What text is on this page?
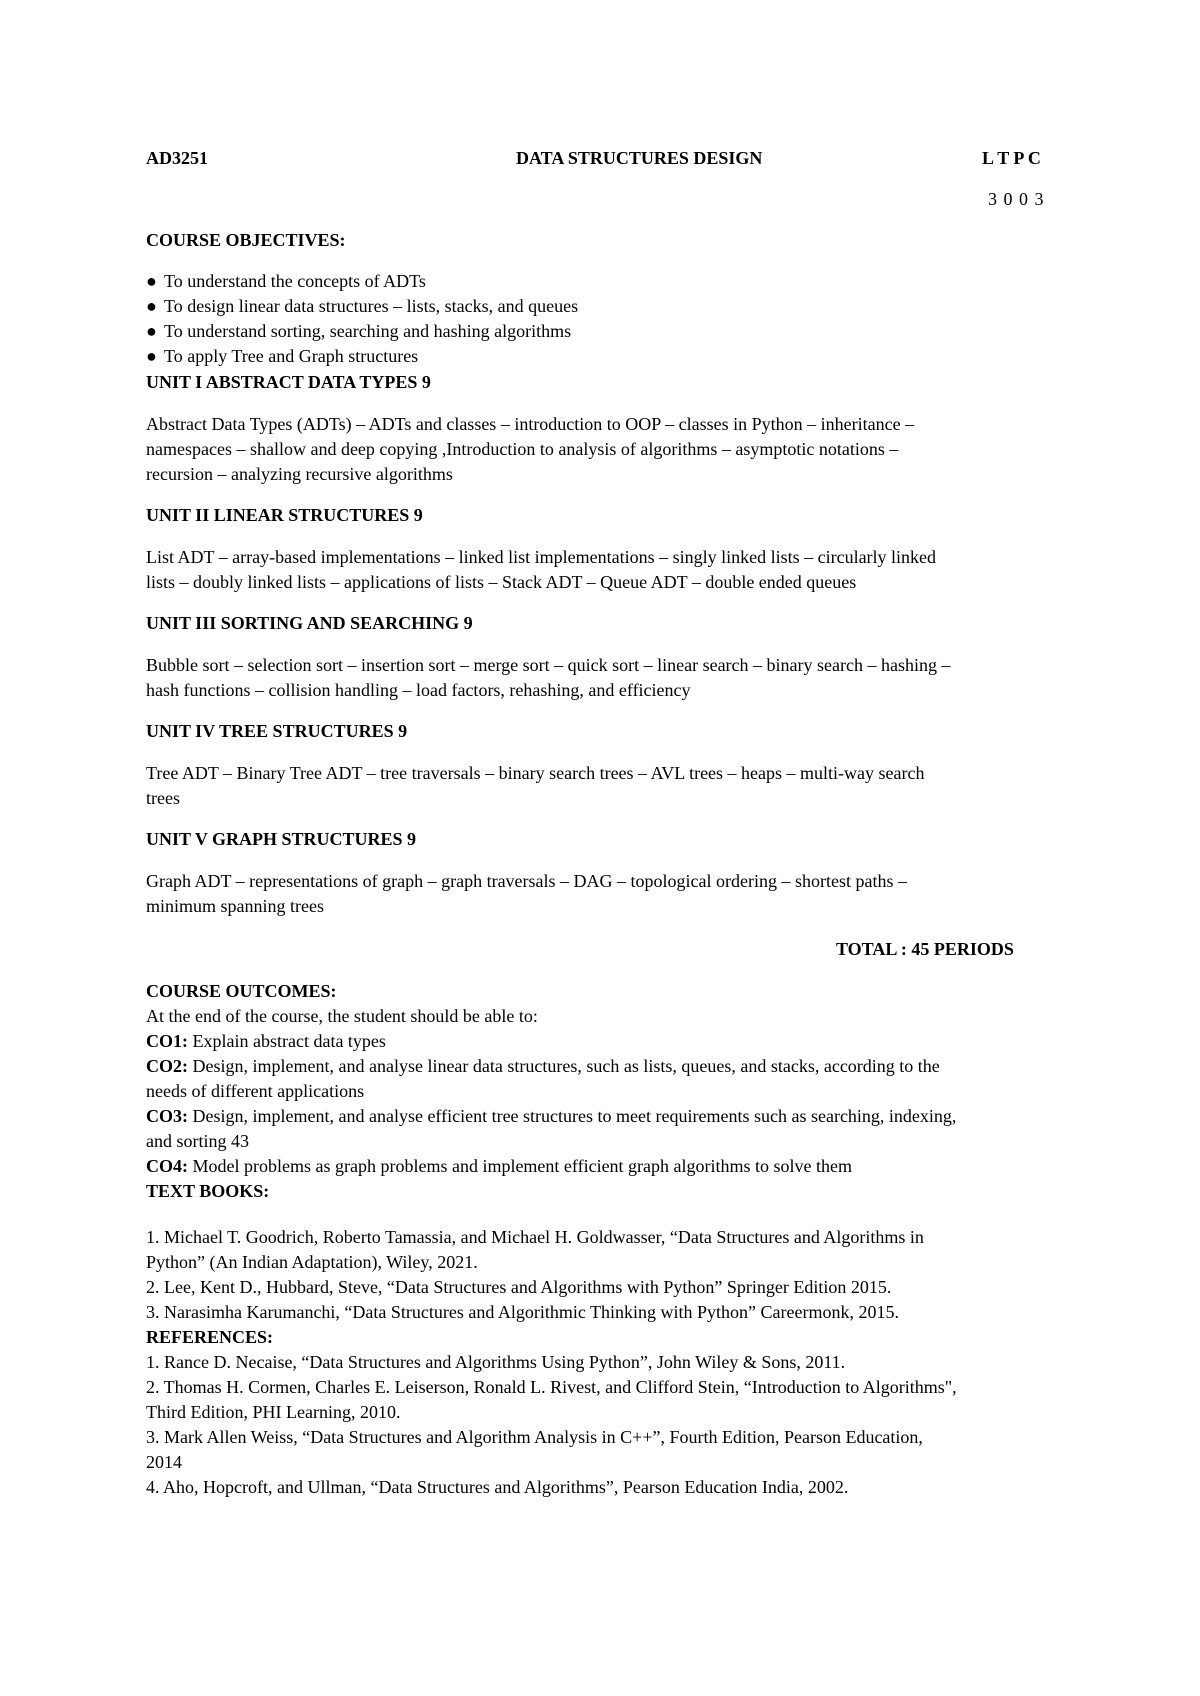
AD3251	DATA STRUCTURES DESIGN	L T P C
3 0 0 3
COURSE OBJECTIVES:
● To understand the concepts of ADTs
● To design linear data structures – lists, stacks, and queues
● To understand sorting, searching and hashing algorithms
● To apply Tree and Graph structures
UNIT I ABSTRACT DATA TYPES 9
Abstract Data Types (ADTs) – ADTs and classes – introduction to OOP – classes in Python – inheritance –
namespaces – shallow and deep copying ,Introduction to analysis of algorithms – asymptotic notations –
recursion – analyzing recursive algorithms
UNIT II LINEAR STRUCTURES 9
List ADT – array-based implementations – linked list implementations – singly linked lists – circularly linked
lists – doubly linked lists – applications of lists – Stack ADT – Queue ADT – double ended queues
UNIT III SORTING AND SEARCHING 9
Bubble sort – selection sort – insertion sort – merge sort – quick sort – linear search – binary search – hashing –
hash functions – collision handling – load factors, rehashing, and efficiency
UNIT IV TREE STRUCTURES 9
Tree ADT – Binary Tree ADT – tree traversals – binary search trees – AVL trees – heaps – multi-way search
trees
UNIT V GRAPH STRUCTURES 9
Graph ADT – representations of graph – graph traversals – DAG – topological ordering – shortest paths –
minimum spanning trees
TOTAL : 45 PERIODS
COURSE OUTCOMES:
At the end of the course, the student should be able to:
CO1: Explain abstract data types
CO2: Design, implement, and analyse linear data structures, such as lists, queues, and stacks, according to the
needs of different applications
CO3: Design, implement, and analyse efficient tree structures to meet requirements such as searching, indexing,
and sorting 43
CO4: Model problems as graph problems and implement efficient graph algorithms to solve them
TEXT BOOKS:
1. Michael T. Goodrich, Roberto Tamassia, and Michael H. Goldwasser, “Data Structures and Algorithms in
Python” (An Indian Adaptation), Wiley, 2021.
2. Lee, Kent D., Hubbard, Steve, “Data Structures and Algorithms with Python” Springer Edition 2015.
3. Narasimha Karumanchi, “Data Structures and Algorithmic Thinking with Python” Careermonk, 2015.
REFERENCES:
1. Rance D. Necaise, “Data Structures and Algorithms Using Python”, John Wiley & Sons, 2011.
2. Thomas H. Cormen, Charles E. Leiserson, Ronald L. Rivest, and Clifford Stein, “Introduction to Algorithms",
Third Edition, PHI Learning, 2010.
3. Mark Allen Weiss, “Data Structures and Algorithm Analysis in C++”, Fourth Edition, Pearson Education,
2014
4. Aho, Hopcroft, and Ullman, “Data Structures and Algorithms”, Pearson Education India, 2002.
